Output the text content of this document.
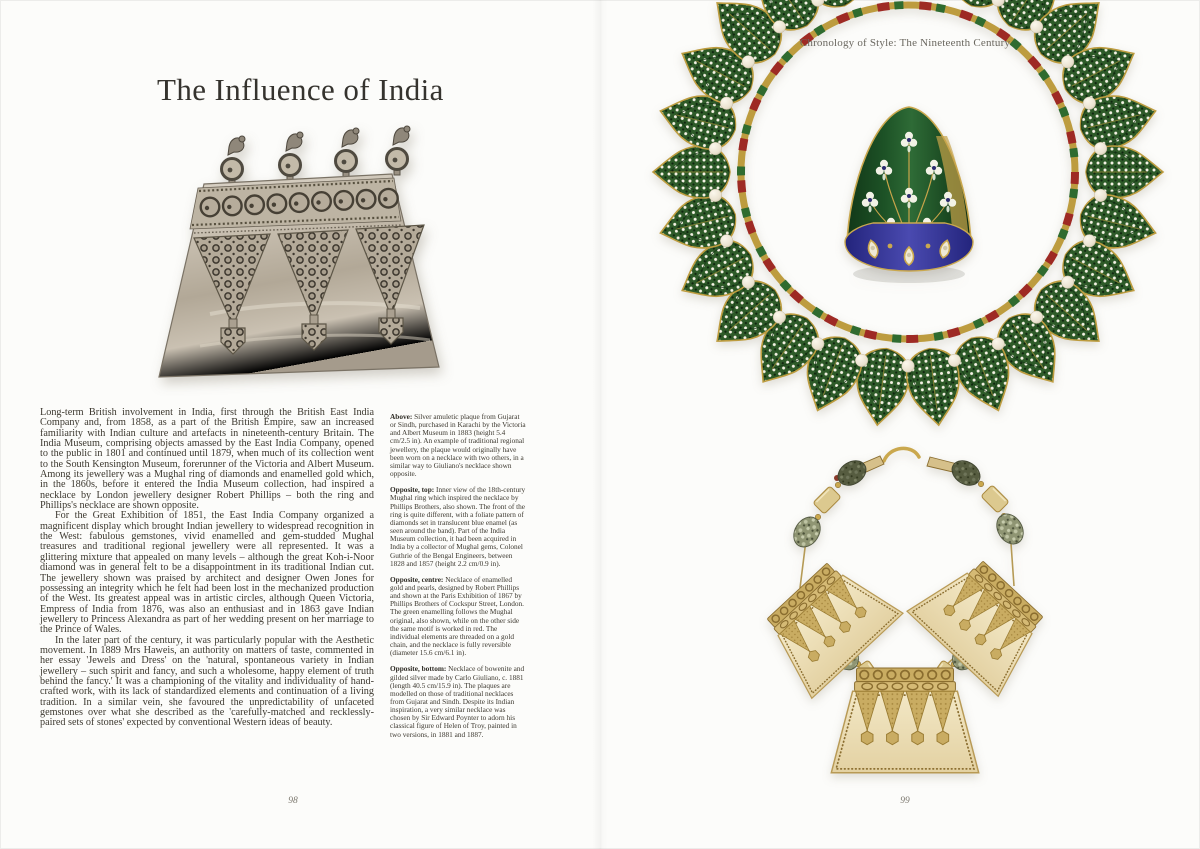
The Influence of India

Long-term British involvement in India, first through the British East India Company and, from 1858, as a part of the British Empire, saw an increased familiarity with Indian culture and artefacts in nineteenth-century Britain. The India Museum, comprising objects amassed by the East India Company, opened to the public in 1801 and continued until 1879, when much of its collection went to the South Kensington Museum, forerunner of the Victoria and Albert Museum. Among its jewellery was a Mughal ring of diamonds and enamelled gold which, in the 1860s, before it entered the India Museum collection, had inspired a necklace by London jewellery designer Robert Phillips – both the ring and Phillips's necklace are shown opposite.

For the Great Exhibition of 1851, the East India Company organized a magnificent display which brought Indian jewellery to widespread recognition in the West: fabulous gemstones, vivid enamelled and gem-studded Mughal treasures and traditional regional jewellery were all represented. It was a glittering mixture that appealed on many levels – although the great Koh-i-Noor diamond was in general felt to be a disappointment in its traditional Indian cut. The jewellery shown was praised by architect and designer Owen Jones for possessing an integrity which he felt had been lost in the mechanized production of the West. Its greatest appeal was in artistic circles, although Queen Victoria, Empress of India from 1876, was also an enthusiast and in 1863 gave Indian jewellery to Princess Alexandra as part of her wedding present on her marriage to the Prince of Wales.

In the later part of the century, it was particularly popular with the Aesthetic movement. In 1889 Mrs Haweis, an authority on matters of taste, commented in her essay 'Jewels and Dress' on the 'natural, spontaneous variety in Indian jewellery – such spirit and fancy, and such a wholesome, happy element of truth behind the fancy.' It was a championing of the vitality and individuality of hand-crafted work, with its lack of standardized elements and continuation of a living tradition. In a similar vein, she favoured the unpredictability of unfaceted gemstones over what she described as the 'carefully-matched and recklessly-paired sets of stones' expected by conventional Western ideas of beauty.

Above: Silver amuletic plaque from Gujarat or Sindh, purchased in Karachi by the Victoria and Albert Museum in 1883 (height 5.4 cm/2.5 in). An example of traditional regional jewellery, the plaque would originally have been worn on a necklace with two others, in a similar way to Giuliano's necklace shown opposite.

Opposite, top: Inner view of the 18th-century Mughal ring which inspired the necklace by Phillips Brothers, also shown. The front of the ring is quite different, with a foliate pattern of diamonds set in translucent blue enamel (as seen around the band). Part of the India Museum collection, it had been acquired in India by a collector of Mughal gems, Colonel Guthrie of the Bengal Engineers, between 1828 and 1857 (height 2.2 cm/0.9 in).

Opposite, centre: Necklace of enamelled gold and pearls, designed by Robert Phillips and shown at the Paris Exhibition of 1867 by Phillips Brothers of Cockspur Street, London. The green enamelling follows the Mughal original, also shown, while on the other side the same motif is worked in red. The individual elements are threaded on a gold chain, and the necklace is fully reversible (diameter 15.6 cm/6.1 in).

Opposite, bottom: Necklace of bowenite and gilded silver made by Carlo Giuliano, c. 1881 (length 40.5 cm/15.9 in). The plaques are modelled on those of traditional necklaces from Gujarat and Sindh. Despite its Indian inspiration, a very similar necklace was chosen by Sir Edward Poynter to adorn his classical figure of Helen of Troy, painted in two versions, in 1881 and 1887.

98
Chronology of Style: The Nineteenth Century
99
